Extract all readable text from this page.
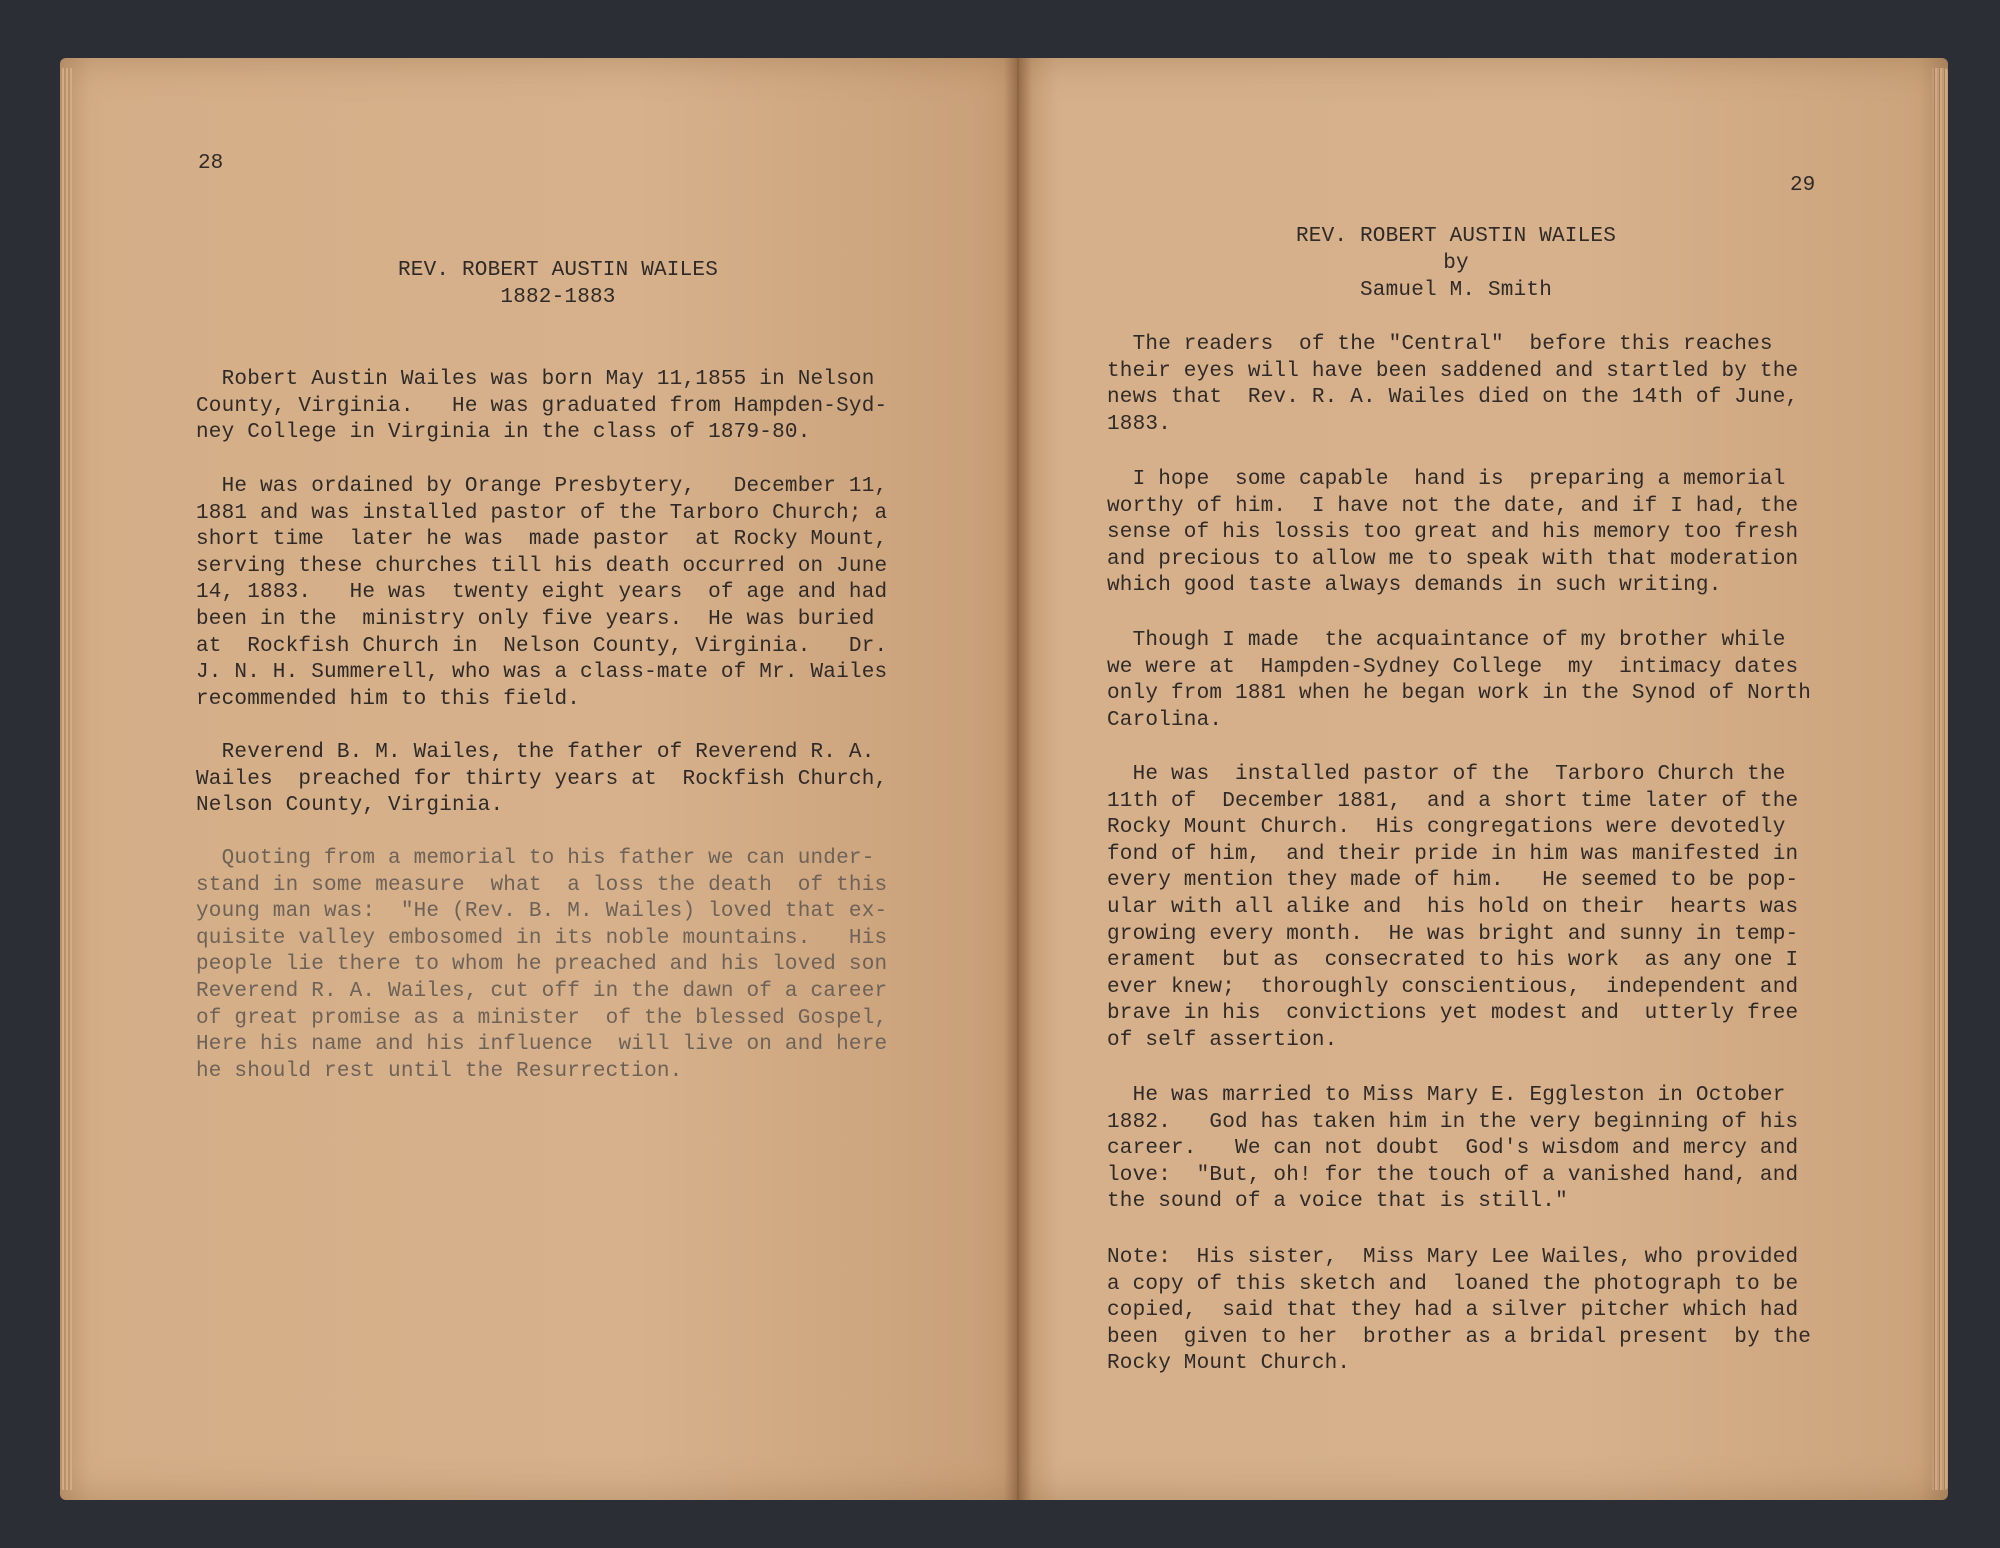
28
REV. ROBERT AUSTIN WAILES
1882-1883
Robert Austin Wailes was born May 11,1855 in Nelson
County, Virginia.   He was graduated from Hampden-Syd-
ney College in Virginia in the class of 1879-80.
He was ordained by Orange Presbytery,   December 11,
1881 and was installed pastor of the Tarboro Church; a
short time  later he was  made pastor  at Rocky Mount,
serving these churches till his death occurred on June
14, 1883.   He was  twenty eight years  of age and had
been in the  ministry only five years.  He was buried
at  Rockfish Church in  Nelson County, Virginia.   Dr.
J. N. H. Summerell, who was a class-mate of Mr. Wailes
recommended him to this field.
Reverend B. M. Wailes, the father of Reverend R. A.
Wailes  preached for thirty years at  Rockfish Church,
Nelson County, Virginia.
Quoting from a memorial to his father we can under-
stand in some measure  what  a loss the death  of this
young man was:  "He (Rev. B. M. Wailes) loved that ex-
quisite valley embosomed in its noble mountains.   His
people lie there to whom he preached and his loved son
Reverend R. A. Wailes, cut off in the dawn of a career
of great promise as a minister  of the blessed Gospel,
Here his name and his influence  will live on and here
he should rest until the Resurrection.
29
REV. ROBERT AUSTIN WAILES
by
Samuel M. Smith
The readers  of the "Central"  before this reaches
their eyes will have been saddened and startled by the
news that  Rev. R. A. Wailes died on the 14th of June,
1883.
I hope  some capable  hand is  preparing a memorial
worthy of him.  I have not the date, and if I had, the
sense of his lossis too great and his memory too fresh
and precious to allow me to speak with that moderation
which good taste always demands in such writing.
Though I made  the acquaintance of my brother while
we were at  Hampden-Sydney College  my  intimacy dates
only from 1881 when he began work in the Synod of North
Carolina.
He was  installed pastor of the  Tarboro Church the
11th of  December 1881,  and a short time later of the
Rocky Mount Church.  His congregations were devotedly
fond of him,  and their pride in him was manifested in
every mention they made of him.   He seemed to be pop-
ular with all alike and  his hold on their  hearts was
growing every month.  He was bright and sunny in temp-
erament  but as  consecrated to his work  as any one I
ever knew;  thoroughly conscientious,  independent and
brave in his  convictions yet modest and  utterly free
of self assertion.
He was married to Miss Mary E. Eggleston in October
1882.   God has taken him in the very beginning of his
career.   We can not doubt  God's wisdom and mercy and
love:  "But, oh! for the touch of a vanished hand, and
the sound of a voice that is still."
Note:  His sister,  Miss Mary Lee Wailes, who provided
a copy of this sketch and  loaned the photograph to be
copied,  said that they had a silver pitcher which had
been  given to her  brother as a bridal present  by the
Rocky Mount Church.
